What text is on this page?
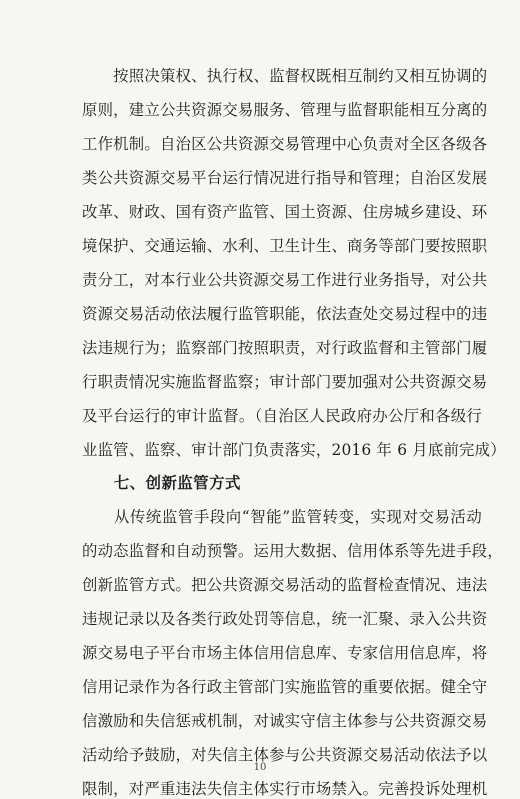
　　按照决策权、执行权、监督权既相互制约又相互协调的
原则，建立公共资源交易服务、管理与监督职能相互分离的
工作机制。自治区公共资源交易管理中心负责对全区各级各
类公共资源交易平台运行情况进行指导和管理；自治区发展
改革、财政、国有资产监管、国土资源、住房城乡建设、环
境保护、交通运输、水利、卫生计生、商务等部门要按照职
责分工，对本行业公共资源交易工作进行业务指导，对公共
资源交易活动依法履行监管职能，依法查处交易过程中的违
法违规行为；监察部门按照职责，对行政监督和主管部门履
行职责情况实施监督监察；审计部门要加强对公共资源交易
及平台运行的审计监督。（自治区人民政府办公厅和各级行
业监管、监察、审计部门负责落实，2016 年 6 月底前完成）
　　七、创新监管方式
　　从传统监管手段向“智能”监管转变，实现对交易活动
的动态监督和自动预警。运用大数据、信用体系等先进手段，
创新监管方式。把公共资源交易活动的监督检查情况、违法
违规记录以及各类行政处罚等信息，统一汇聚、录入公共资
源交易电子平台市场主体信用信息库、专家信用信息库，将
信用记录作为各行政主管部门实施监管的重要依据。健全守
信激励和失信惩戒机制，对诚实守信主体参与公共资源交易
活动给予鼓励，对失信主体参与公共资源交易活动依法予以
限制，对严重违法失信主体实行市场禁入。完善投诉处理机
10
